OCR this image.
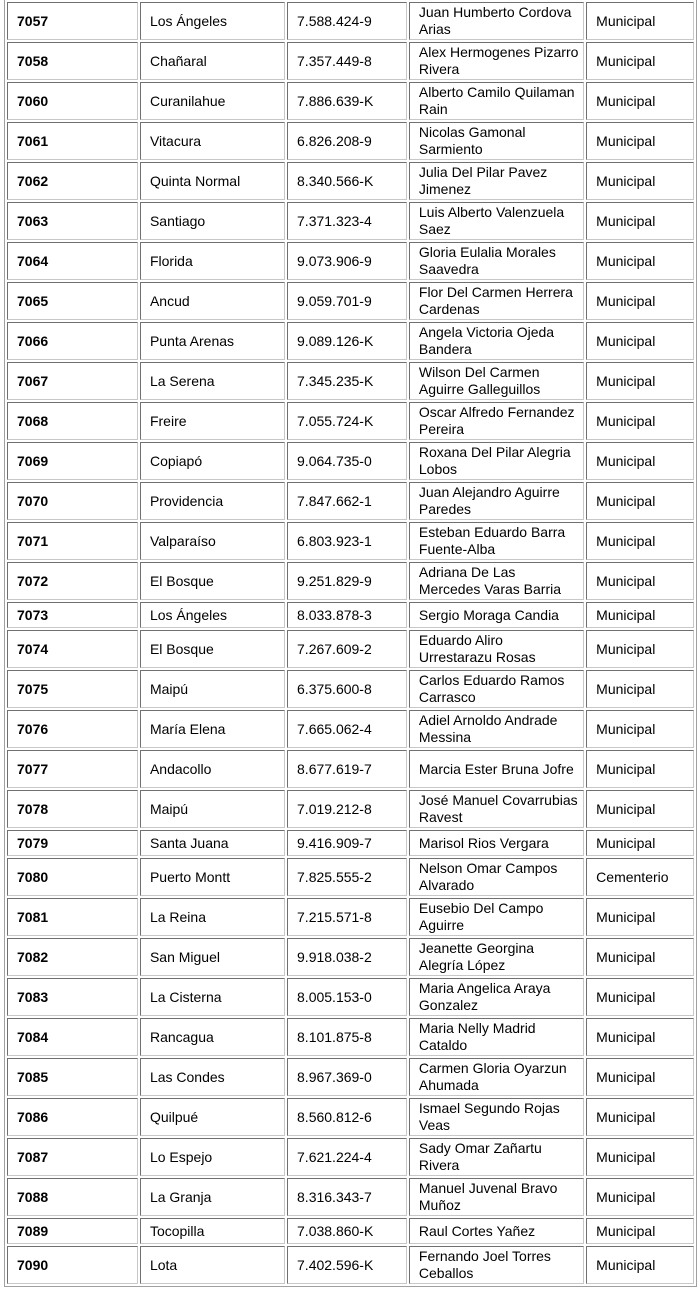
7057	Los Ángeles	7.588.424-9	Juan Humberto Cordova Arias	Municipal
7058	Chañaral	7.357.449-8	Alex Hermogenes Pizarro Rivera	Municipal
7060	Curanilahue	7.886.639-K	Alberto Camilo Quilaman Rain	Municipal
7061	Vitacura	6.826.208-9	Nicolas Gamonal Sarmiento	Municipal
7062	Quinta Normal	8.340.566-K	Julia Del Pilar Pavez Jimenez	Municipal
7063	Santiago	7.371.323-4	Luis Alberto Valenzuela Saez	Municipal
7064	Florida	9.073.906-9	Gloria Eulalia Morales Saavedra	Municipal
7065	Ancud	9.059.701-9	Flor Del Carmen Herrera Cardenas	Municipal
7066	Punta Arenas	9.089.126-K	Angela Victoria Ojeda Bandera	Municipal
7067	La Serena	7.345.235-K	Wilson Del Carmen Aguirre Galleguillos	Municipal
7068	Freire	7.055.724-K	Oscar Alfredo Fernandez Pereira	Municipal
7069	Copiapó	9.064.735-0	Roxana Del Pilar Alegria Lobos	Municipal
7070	Providencia	7.847.662-1	Juan Alejandro Aguirre Paredes	Municipal
7071	Valparaíso	6.803.923-1	Esteban Eduardo Barra Fuente-Alba	Municipal
7072	El Bosque	9.251.829-9	Adriana De Las Mercedes Varas Barria	Municipal
7073	Los Ángeles	8.033.878-3	Sergio Moraga Candia	Municipal
7074	El Bosque	7.267.609-2	Eduardo Aliro Urrestarazu Rosas	Municipal
7075	Maipú	6.375.600-8	Carlos Eduardo Ramos Carrasco	Municipal
7076	María Elena	7.665.062-4	Adiel Arnoldo Andrade Messina	Municipal
7077	Andacollo	8.677.619-7	Marcia Ester Bruna Jofre	Municipal
7078	Maipú	7.019.212-8	José Manuel Covarrubias Ravest	Municipal
7079	Santa Juana	9.416.909-7	Marisol Rios Vergara	Municipal
7080	Puerto Montt	7.825.555-2	Nelson Omar Campos Alvarado	Cementerio
7081	La Reina	7.215.571-8	Eusebio Del Campo Aguirre	Municipal
7082	San Miguel	9.918.038-2	Jeanette Georgina Alegría López	Municipal
7083	La Cisterna	8.005.153-0	Maria Angelica Araya Gonzalez	Municipal
7084	Rancagua	8.101.875-8	Maria Nelly Madrid Cataldo	Municipal
7085	Las Condes	8.967.369-0	Carmen Gloria Oyarzun Ahumada	Municipal
7086	Quilpué	8.560.812-6	Ismael Segundo Rojas Veas	Municipal
7087	Lo Espejo	7.621.224-4	Sady Omar Zañartu Rivera	Municipal
7088	La Granja	8.316.343-7	Manuel Juvenal Bravo Muñoz	Municipal
7089	Tocopilla	7.038.860-K	Raul Cortes Yañez	Municipal
7090	Lota	7.402.596-K	Fernando Joel Torres Ceballos	Municipal
